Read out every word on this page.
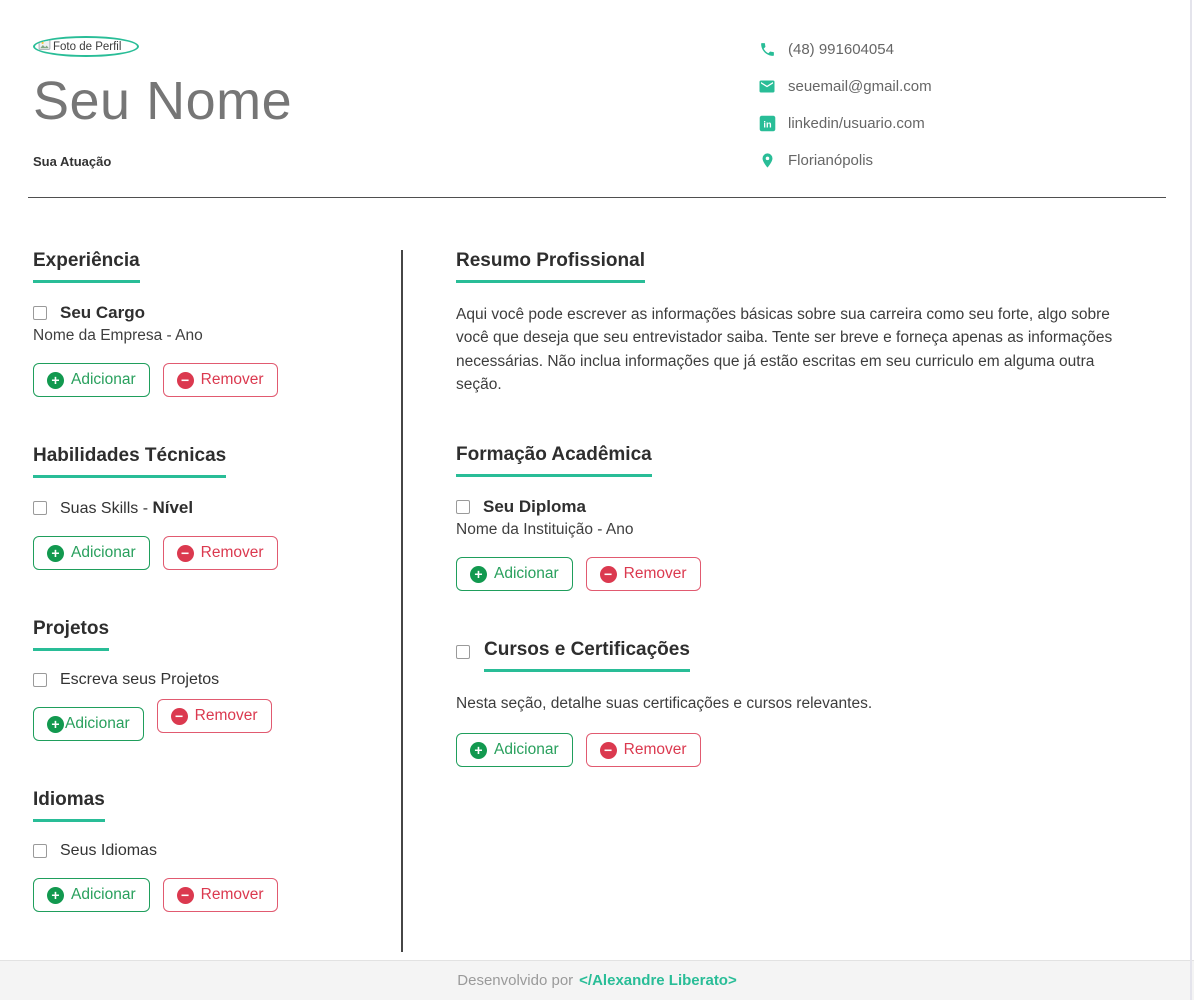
Foto de Perfil
Seu Nome
Sua Atuação
(48) 991604054
seuemail@gmail.com
in linkedin/usuario.com
Florianópolis
Experiência
Seu Cargo
Nome da Empresa - Ano
+ Adicionar	− Remover
Habilidades Técnicas
Suas Skills - Nível
+ Adicionar	− Remover
Projetos
Escreva seus Projetos
+ Adicionar	− Remover
Idiomas
Seus Idiomas
+ Adicionar	− Remover
Resumo Profissional

Aqui você pode escrever as informações básicas sobre sua carreira como seu forte, algo sobre você que deseja que seu entrevistador saiba. Tente ser breve e forneça apenas as informações necessárias. Não inclua informações que já estão escritas em seu curriculo em alguma outra seção.

Formação Acadêmica
Seu Diploma
Nome da Instituição - Ano
+ Adicionar	− Remover
Cursos e Certificações

Nesta seção, detalhe suas certificações e cursos relevantes.

+ Adicionar	− Remover
Desenvolvido por </Alexandre Liberato>
